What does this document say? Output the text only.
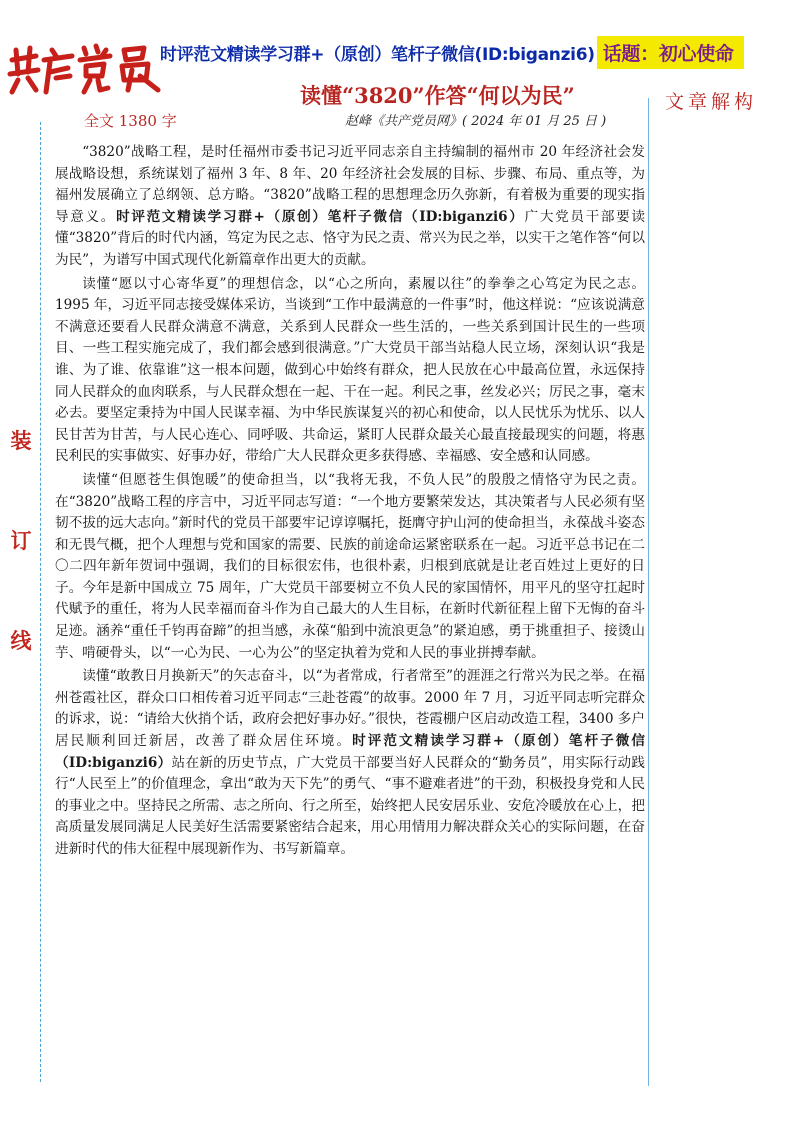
时评范文精读学习群+（原创）笔杆子微信(ID:biganzi6) 话题：初心使命
读懂“3820”作答“何以为民”	文章解构
全文 1380 字	赵峰《共产党员网》( 2024 年 01 月 25 日 )
装
订
线

“3820”战略工程，是时任福州市委书记习近平同志亲自主持编制的福州市 20 年经济社会发展战略设想，系统谋划了福州 3 年、8 年、20 年经济社会发展的目标、步骤、布局、重点等，为福州发展确立了总纲领、总方略。“3820”战略工程的思想理念历久弥新，有着极为重要的现实指导意义。时评范文精读学习群+（原创）笔杆子微信（ID:biganzi6）广大党员干部要读懂“3820”背后的时代内涵，笃定为民之志、恪守为民之责、常兴为民之举，以实干之笔作答“何以为民”，为谱写中国式现代化新篇章作出更大的贡献。

读懂“愿以寸心寄华夏”的理想信念，以“心之所向，素履以往”的拳拳之心笃定为民之志。1995 年，习近平同志接受媒体采访，当谈到“工作中最满意的一件事”时，他这样说：“应该说满意不满意还要看人民群众满意不满意，关系到人民群众一些生活的，一些关系到国计民生的一些项目、一些工程实施完成了，我们都会感到很满意。”广大党员干部当站稳人民立场，深刻认识“我是谁、为了谁、依靠谁”这一根本问题，做到心中始终有群众，把人民放在心中最高位置，永远保持同人民群众的血肉联系，与人民群众想在一起、干在一起。利民之事，丝发必兴；厉民之事，毫末必去。要坚定秉持为中国人民谋幸福、为中华民族谋复兴的初心和使命，以人民忧乐为忧乐、以人民甘苦为甘苦，与人民心连心、同呼吸、共命运，紧盯人民群众最关心最直接最现实的问题，将惠民利民的实事做实、好事办好，带给广大人民群众更多获得感、幸福感、安全感和认同感。

读懂“但愿苍生俱饱暖”的使命担当，以“我将无我，不负人民”的殷殷之情恪守为民之责。在“3820”战略工程的序言中，习近平同志写道：“一个地方要繁荣发达，其决策者与人民必须有坚韧不拔的远大志向。”新时代的党员干部要牢记谆谆嘱托，挺膺守护山河的使命担当，永葆战斗姿态和无畏气概，把个人理想与党和国家的需要、民族的前途命运紧密联系在一起。习近平总书记在二〇二四年新年贺词中强调，我们的目标很宏伟，也很朴素，归根到底就是让老百姓过上更好的日子。今年是新中国成立 75 周年，广大党员干部要树立不负人民的家国情怀，用平凡的坚守扛起时代赋予的重任，将为人民幸福而奋斗作为自己最大的人生目标，在新时代新征程上留下无悔的奋斗足迹。涵养“重任千钧再奋蹄”的担当感，永葆“船到中流浪更急”的紧迫感，勇于挑重担子、接烫山芋、啃硬骨头，以“一心为民、一心为公”的坚定执着为党和人民的事业拼搏奉献。

读懂“敢教日月换新天”的矢志奋斗，以“为者常成，行者常至”的涯涯之行常兴为民之举。在福州苍霞社区，群众口口相传着习近平同志“三赴苍霞”的故事。2000 年 7 月，习近平同志听完群众的诉求，说：“请给大伙捎个话，政府会把好事办好。”很快，苍霞棚户区启动改造工程，3400 多户居民顺利回迁新居，改善了群众居住环境。时评范文精读学习群+（原创）笔杆子微信（ID:biganzi6）站在新的历史节点，广大党员干部要当好人民群众的“勤务员”，用实际行动践行“人民至上”的价值理念，拿出“敢为天下先”的勇气、“事不避难者进”的干劲，积极投身党和人民的事业之中。坚持民之所需、志之所向、行之所至，始终把人民安居乐业、安危冷暖放在心上，把高质量发展同满足人民美好生活需要紧密结合起来，用心用情用力解决群众关心的实际问题，在奋进新时代的伟大征程中展现新作为、书写新篇章。
